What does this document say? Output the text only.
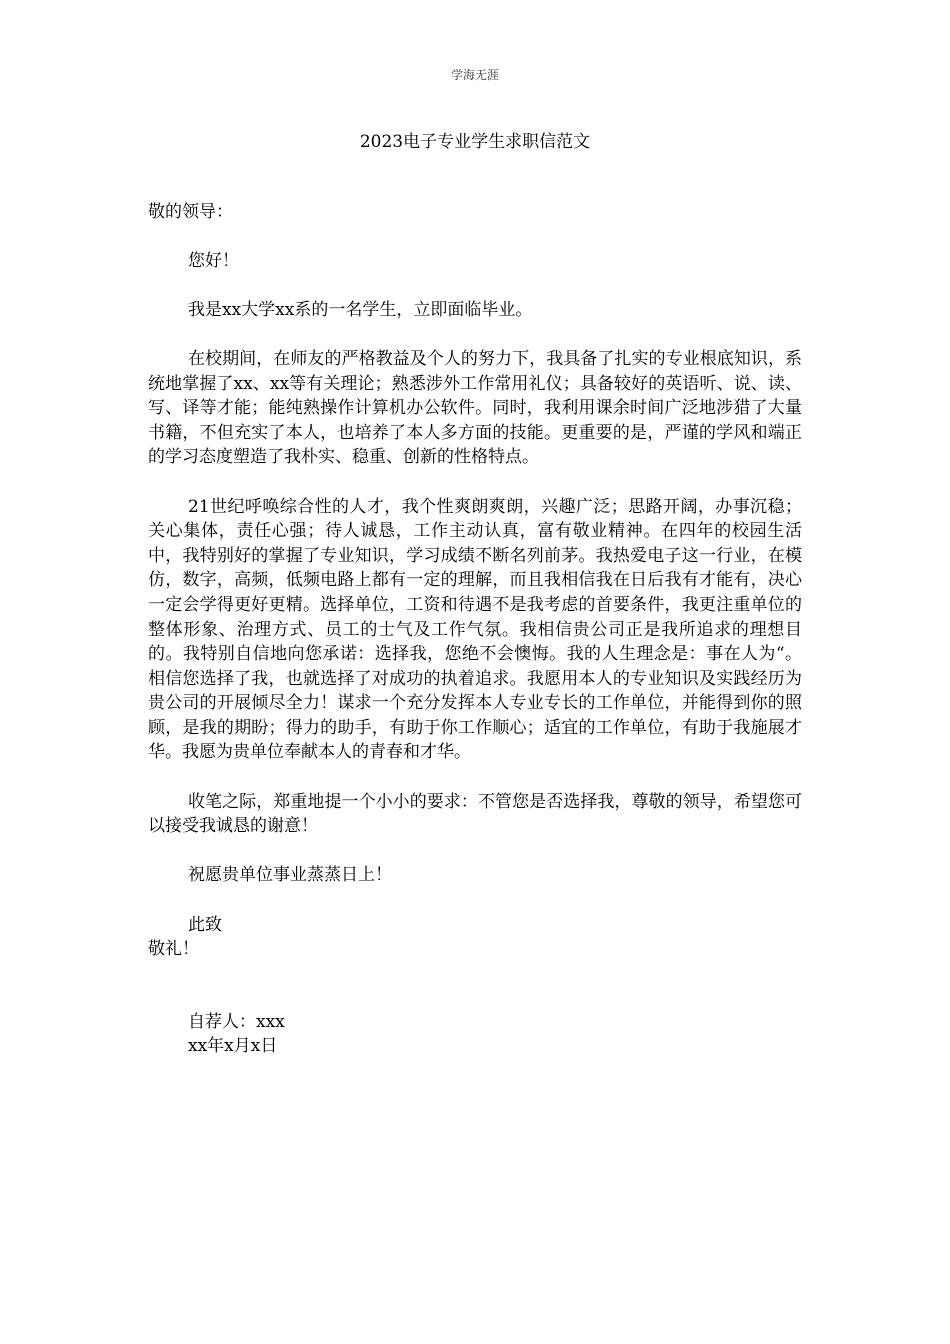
学海无涯
2023电子专业学生求职信范文

敬的领导：

您好！

我是xx大学xx系的一名学生，立即面临毕业。

在校期间，在师友的严格教益及个人的努力下，我具备了扎实的专业根底知识，系统地掌握了xx、xx等有关理论；熟悉涉外工作常用礼仪；具备较好的英语听、说、读、写、译等才能；能纯熟操作计算机办公软件。同时，我利用课余时间广泛地涉猎了大量书籍，不但充实了本人，也培养了本人多方面的技能。更重要的是，严谨的学风和端正的学习态度塑造了我朴实、稳重、创新的性格特点。

21世纪呼唤综合性的人才，我个性爽朗爽朗，兴趣广泛；思路开阔，办事沉稳；关心集体，责任心强；待人诚恳，工作主动认真，富有敬业精神。在四年的校园生活中，我特别好的掌握了专业知识，学习成绩不断名列前茅。我热爱电子这一行业，在模仿，数字，高频，低频电路上都有一定的理解，而且我相信我在日后我有才能有，决心一定会学得更好更精。选择单位，工资和待遇不是我考虑的首要条件，我更注重单位的整体形象、治理方式、员工的士气及工作气氛。我相信贵公司正是我所追求的理想目的。我特别自信地向您承诺：选择我，您绝不会懊悔。我的人生理念是：事在人为“。相信您选择了我，也就选择了对成功的执着追求。我愿用本人的专业知识及实践经历为贵公司的开展倾尽全力！谋求一个充分发挥本人专业专长的工作单位，并能得到你的照顾，是我的期盼；得力的助手，有助于你工作顺心；适宜的工作单位，有助于我施展才华。我愿为贵单位奉献本人的青春和才华。

收笔之际，郑重地提一个小小的要求：不管您是否选择我，尊敬的领导，希望您可以接受我诚恳的谢意！

祝愿贵单位事业蒸蒸日上！

此致

敬礼！

自荐人：xxx

xx年x月x日
